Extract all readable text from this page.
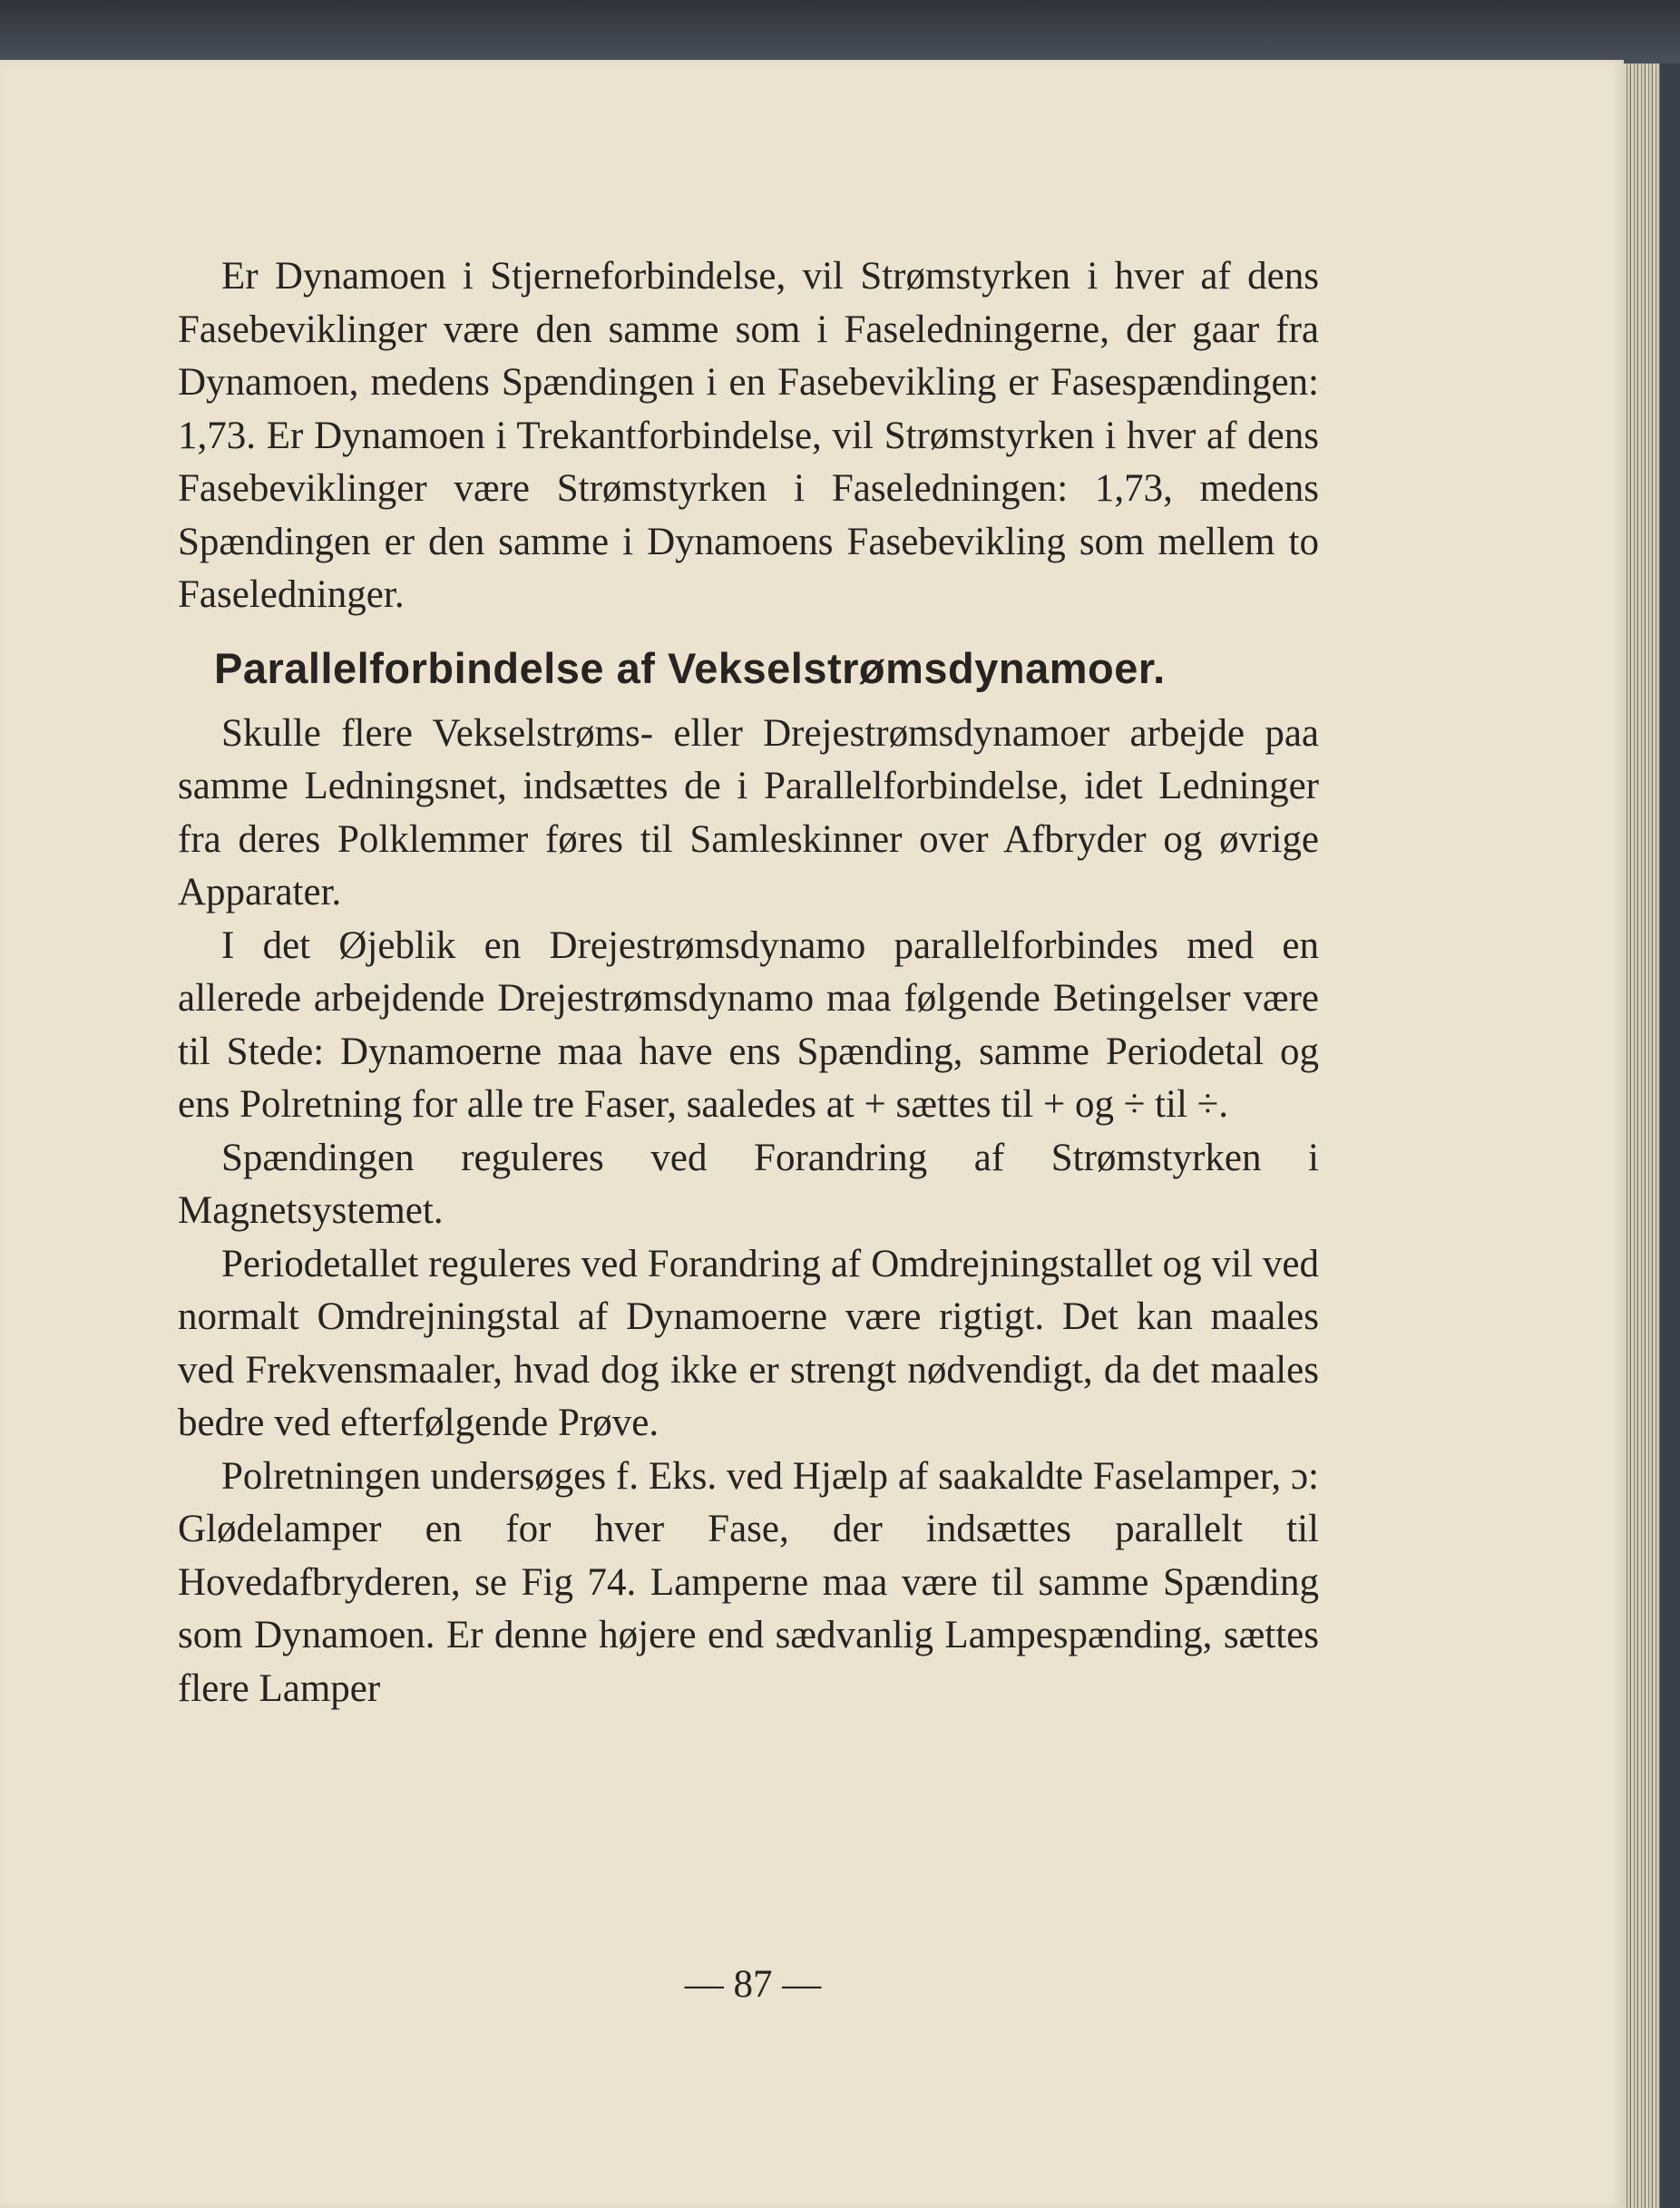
Er Dynamoen i Stjerneforbindelse, vil Strømstyrken i hver af dens Fasebeviklinger være den samme som i Faseledningerne, der gaar fra Dynamoen, medens Spændingen i en Fasebevikling er Fasespændingen: 1,73. Er Dynamoen i Trekantforbindelse, vil Strømstyrken i hver af dens Fasebeviklinger være Strømstyrken i Faseledningen: 1,73, medens Spændingen er den samme i Dynamoens Fasebevikling som mellem to Faseledninger.

Parallelforbindelse af Vekselstrømsdynamoer.

Skulle flere Vekselstrøms- eller Drejestrømsdynamoer arbejde paa samme Ledningsnet, indsættes de i Parallelforbindelse, idet Ledninger fra deres Polklemmer føres til Samleskinner over Afbryder og øvrige Apparater.

I det Øjeblik en Drejestrømsdynamo parallelforbindes med en allerede arbejdende Drejestrømsdynamo maa følgende Betingelser være til Stede: Dynamoerne maa have ens Spænding, samme Periodetal og ens Polretning for alle tre Faser, saaledes at + sættes til + og ÷ til ÷.

Spændingen reguleres ved Forandring af Strømstyrken i Magnetsystemet.

Periodetallet reguleres ved Forandring af Omdrejningstallet og vil ved normalt Omdrejningstal af Dynamoerne være rigtigt. Det kan maales ved Frekvensmaaler, hvad dog ikke er strengt nødvendigt, da det maales bedre ved efterfølgende Prøve.

Polretningen undersøges f. Eks. ved Hjælp af saakaldte Faselamper, ɔ: Glødelamper en for hver Fase, der indsættes parallelt til Hovedafbryderen, se Fig 74. Lamperne maa være til samme Spænding som Dynamoen. Er denne højere end sædvanlig Lampespænding, sættes flere Lamper

— 87 —
